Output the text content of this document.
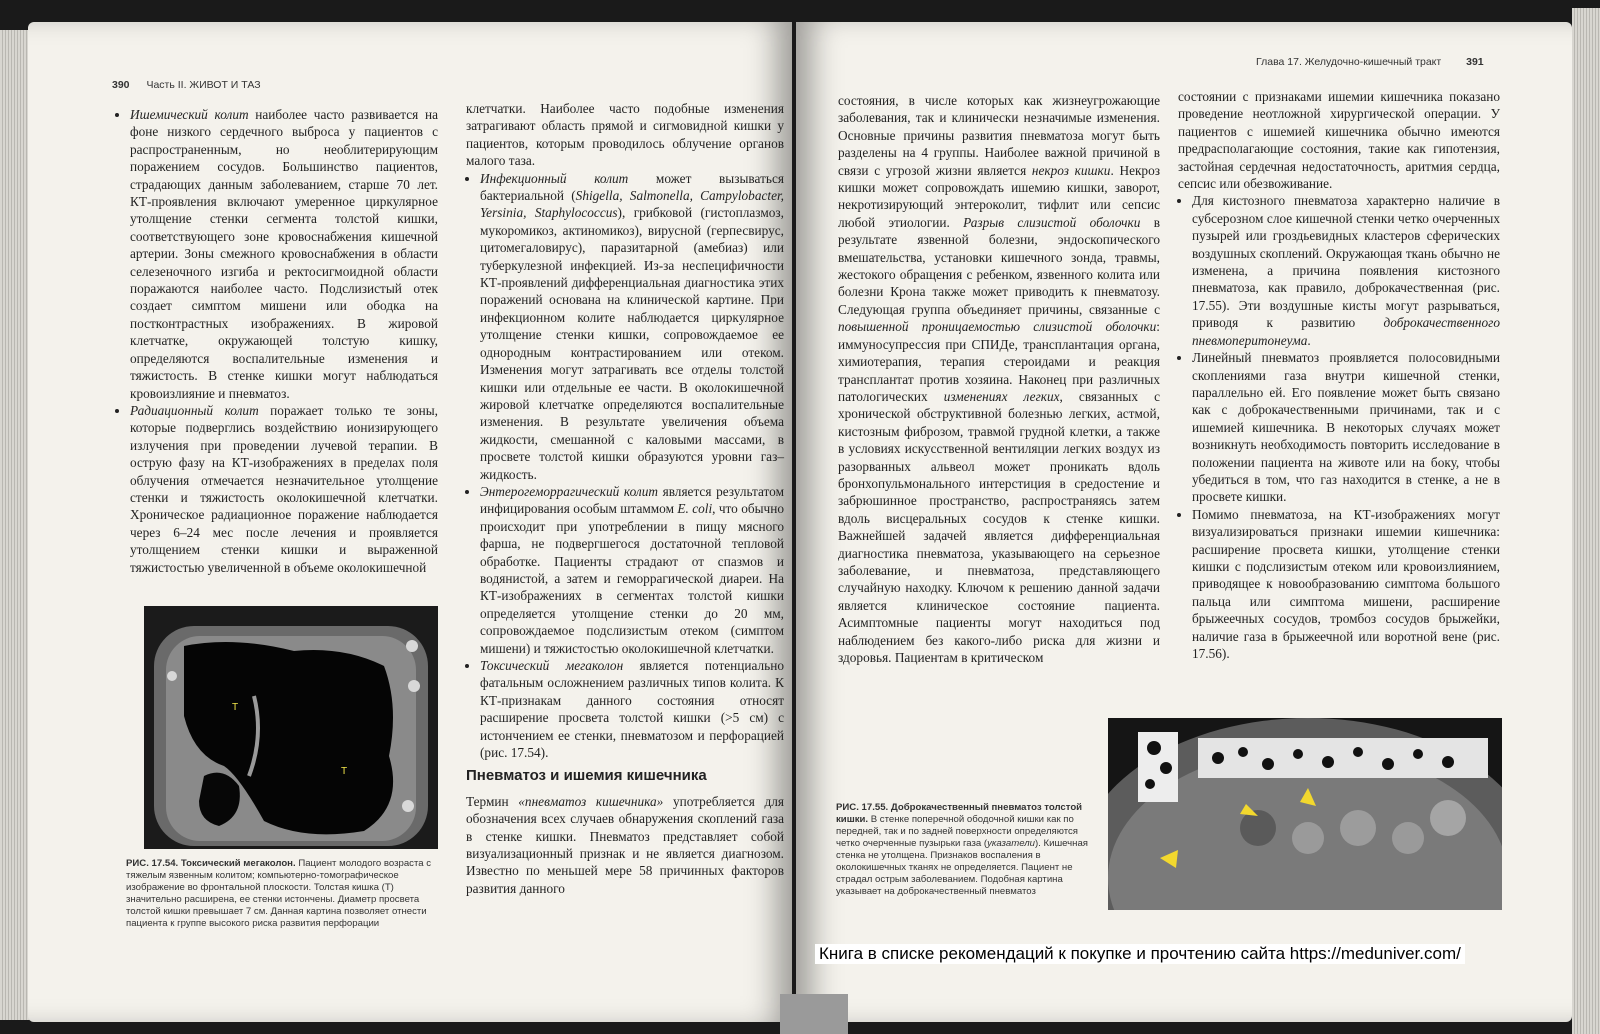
390 Часть II. ЖИВОТ И ТАЗ
• Ишемический колит наиболее часто развивается на фоне низкого сердечного выброса у пациентов с распространенным, но необлитерирующим поражением сосудов. Большинство пациентов, страдающих данным заболеванием, старше 70 лет. КТ-проявления включают умеренное циркулярное утолщение стенки сегмента толстой кишки, соответствующего зоне кровоснабжения кишечной артерии. Зоны смежного кровоснабжения в области селезеночного изгиба и ректосигмоидной области поражаются наиболее часто. Подслизистый отек создает симптом мишени или ободка на постконтрастных изображениях. В жировой клетчатке, окружающей толстую кишку, определяются воспалительные изменения и тяжистость. В стенке кишки могут наблюдаться кровоизлияние и пневматоз.
• Радиационный колит поражает только те зоны, которые подверглись воздействию ионизирующего излучения при проведении лучевой терапии. В острую фазу на КТ-изображениях в пределах поля облучения отмечается незначительное утолщение стенки и тяжистость околокишечной клетчатки. Хроническое радиационное поражение наблюдается через 6–24 мес после лечения и проявляется утолщением стенки кишки и выраженной тяжистостью увеличенной в объеме околокишечной

клетчатки. Наиболее часто подобные изменения затрагивают область прямой и сигмовидной кишки у пациентов, которым проводилось облучение органов малого таза.

• Инфекционный колит может вызываться бактериальной (Shigella, Salmonella, Campylobacter, Yersinia, Staphylococcus), грибковой (гистоплазмоз, мукоромикоз, актиномикоз), вирусной (герпесвирус, цитомегаловирус), паразитарной (амебиаз) или туберкулезной инфекцией. Из-за неспецифичности КТ-проявлений дифференциальная диагностика этих поражений основана на клинической картине. При инфекционном колите наблюдается циркулярное утолщение стенки кишки, сопровождаемое ее однородным контрастированием или отеком. Изменения могут затрагивать все отделы толстой кишки или отдельные ее части. В околокишечной жировой клетчатке определяются воспалительные изменения. В результате увеличения объема жидкости, смешанной с каловыми массами, в просвете толстой кишки образуются уровни газ–жидкость.
• Энтерогеморрагический колит является результатом инфицирования особым штаммом E. coli, что обычно происходит при употреблении в пищу мясного фарша, не подвергшегося достаточной тепловой обработке. Пациенты страдают от спазмов и водянистой, а затем и геморрагической диареи. На КТ-изображениях в сегментах толстой кишки определяется утолщение стенки до 20 мм, сопровождаемое подслизистым отеком (симптом мишени) и тяжистостью околокишечной клетчатки.
• Токсический мегаколон является потенциально фатальным осложнением различных типов колита. К КТ-признакам данного состояния относят расширение просвета толстой кишки (>5 см) с истончением ее стенки, пневматозом и перфорацией (рис. 17.54).
Пневматоз и ишемия кишечника

Термин «пневматоз кишечника» употребляется для обозначения всех случаев обнаружения скоплений газа в стенке кишки. Пневматоз представляет собой визуализационный признак и не является диагнозом. Известно по меньшей мере 58 причинных факторов развития данного

T
T
РИС. 17.54. Токсический мегаколон. Пациент молодого возраста с тяжелым язвенным колитом; компьютерно-томографическое изображение во фронтальной плоскости. Толстая кишка (T) значительно расширена, ее стенки истончены. Диаметр просвета толстой кишки превышает 7 см. Данная картина позволяет отнести пациента к группе высокого риска развития перфорации
Глава 17. Желудочно-кишечный тракт 391

состояния, в числе которых как жизнеугрожающие заболевания, так и клинически незначимые изменения. Основные причины развития пневматоза могут быть разделены на 4 группы. Наиболее важной причиной в связи с угрозой жизни является некроз кишки. Некроз кишки может сопровождать ишемию кишки, заворот, некротизирующий энтероколит, тифлит или сепсис любой этиологии. Разрыв слизистой оболочки в результате язвенной болезни, эндоскопического вмешательства, установки кишечного зонда, травмы, жестокого обращения с ребенком, язвенного колита или болезни Крона также может приводить к пневматозу. Следующая группа объединяет причины, связанные с повышенной проницаемостью слизистой оболочки: иммуносупрессия при СПИДе, трансплантация органа, химиотерапия, терапия стероидами и реакция трансплантат против хозяина. Наконец при различных патологических изменениях легких, связанных с хронической обструктивной болезнью легких, астмой, кистозным фиброзом, травмой грудной клетки, а также в условиях искусственной вентиляции легких воздух из разорванных альвеол может проникать вдоль бронхопульмонального интерстиция в средостение и забрюшинное пространство, распространяясь затем вдоль висцеральных сосудов к стенке кишки. Важнейшей задачей является дифференциальная диагностика пневматоза, указывающего на серьезное заболевание, и пневматоза, представляющего случайную находку. Ключом к решению данной задачи является клиническое состояние пациента. Асимптомные пациенты могут находиться под наблюдением без какого-либо риска для жизни и здоровья. Пациентам в критическом

состоянии с признаками ишемии кишечника показано проведение неотложной хирургической операции. У пациентов с ишемией кишечника обычно имеются предрасполагающие состояния, такие как гипотензия, застойная сердечная недостаточность, аритмия сердца, сепсис или обезвоживание.

• Для кистозного пневматоза характерно наличие в субсерозном слое кишечной стенки четко очерченных пузырей или гроздьевидных кластеров сферических воздушных скоплений. Окружающая ткань обычно не изменена, а причина появления кистозного пневматоза, как правило, доброкачественная (рис. 17.55). Эти воздушные кисты могут разрываться, приводя к развитию доброкачественного пневмоперитонеума.
• Линейный пневматоз проявляется полосовидными скоплениями газа внутри кишечной стенки, параллельно ей. Его появление может быть связано как с доброкачественными причинами, так и с ишемией кишечника. В некоторых случаях может возникнуть необходимость повторить исследование в положении пациента на животе или на боку, чтобы убедиться в том, что газ находится в стенке, а не в просвете кишки.
• Помимо пневматоза, на КТ-изображениях могут визуализироваться признаки ишемии кишечника: расширение просвета кишки, утолщение стенки кишки с подслизистым отеком или кровоизлиянием, приводящее к новообразованию симптома большого пальца или симптома мишени, расширение брыжеечных сосудов, тромбоз сосудов брыжейки, наличие газа в брыжеечной или воротной вене (рис. 17.56).
РИС. 17.55. Доброкачественный пневматоз толстой кишки. В стенке поперечной ободочной кишки как по передней, так и по задней поверхности определяются четко очерченные пузырьки газа (указатели). Кишечная стенка не утолщена. Признаков воспаления в околокишечных тканях не определяется. Пациент не страдал острым заболеванием. Подобная картина указывает на доброкачественный пневматоз
Книга в списке рекомендаций к покупке и прочтению сайта https://meduniver.com/
